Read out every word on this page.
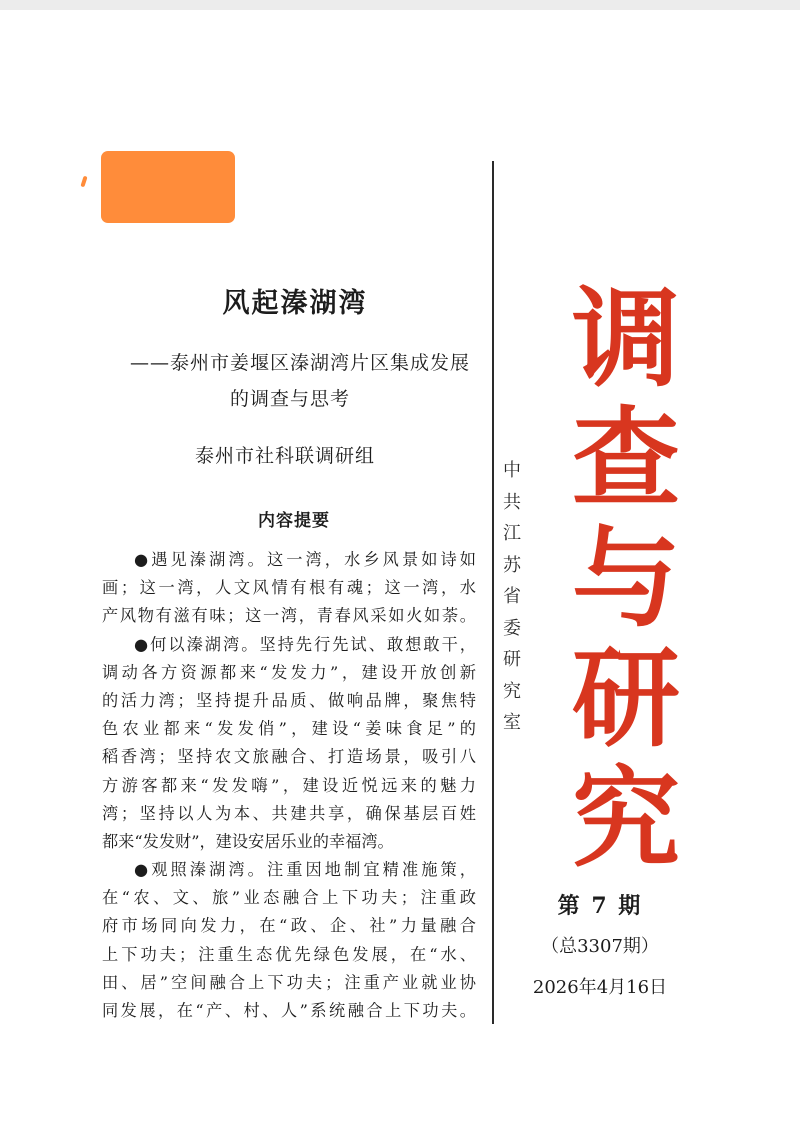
风起溱湖湾
——泰州市姜堰区溱湖湾片区集成发展
的调查与思考
泰州市社科联调研组
内容提要
●遇见溱湖湾。这一湾，水乡风景如诗如
画；这一湾，人文风情有根有魂；这一湾，水
产风物有滋有味；这一湾，青春风采如火如荼。
●何以溱湖湾。坚持先行先试、敢想敢干，
调动各方资源都来“发发力”，建设开放创新
的活力湾；坚持提升品质、做响品牌，聚焦特
色农业都来“发发俏”，建设“姜味食足”的
稻香湾；坚持农文旅融合、打造场景，吸引八
方游客都来“发发嗨”，建设近悦远来的魅力
湾；坚持以人为本、共建共享，确保基层百姓
都来“发发财”，建设安居乐业的幸福湾。
●观照溱湖湾。注重因地制宜精准施策，
在“农、文、旅”业态融合上下功夫；注重政
府市场同向发力，在“政、企、社”力量融合
上下功夫；注重生态优先绿色发展，在“水、
田、居”空间融合上下功夫；注重产业就业协
同发展，在“产、村、人”系统融合上下功夫。
中
共
江
苏
省
委
研
究
室
调
查
与
研
究
第 7 期
（总3307期）
2026年4月16日
